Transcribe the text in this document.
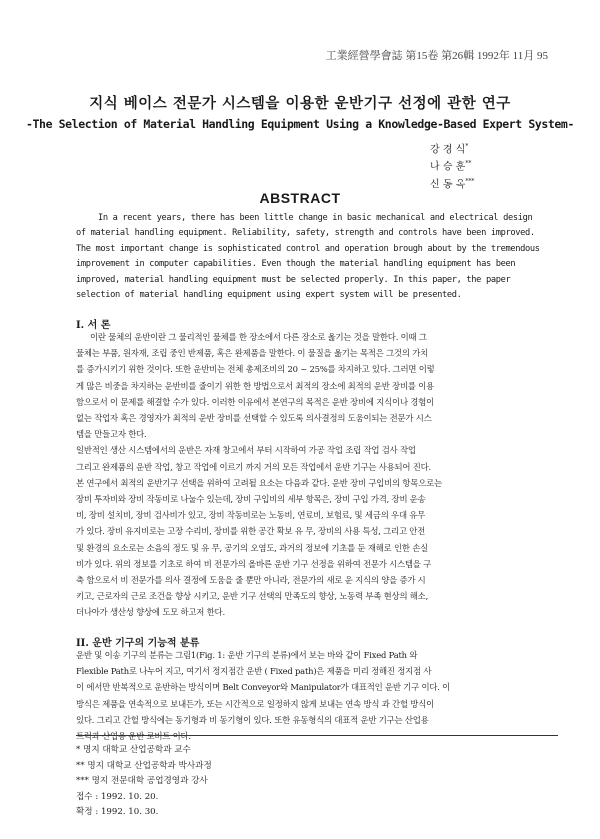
工業經營學會誌 第15卷 第26輯 1992年 11月 95
지식 베이스 전문가 시스템을 이용한 운반기구 선정에 관한 연구
-The Selection of Material Handling Equipment Using a Knowledge-Based Expert System-
강 경 식*
나 승 훈**
신 동 옥***
ABSTRACT
In a recent years, there has been little change in basic mechanical and electrical design
of material handling equipment. Reliability, safety, strength and controls have been improved.
The most important change is sophisticated control and operation brough about by the tremendous
improvement in computer capabilities. Even though the material handling equipment has been
improved, material handling equipment must be selected properly. In this paper, the paper
selection of material handling equipment using expert system will be presented.
I. 서 론
이란 물체의 운반이란 그 물리적인 물체를 한 장소에서 다른 장소로 옮기는 것을 말한다. 이때 그
물체는 부품, 원자재, 조립 중인 반제품, 혹은 완제품을 말한다. 이 물질을 옮기는 목적은 그것의 가치
를 증가시키기 위한 것이다. 또한 운반비는 전체 총제조비의 20 ~ 25%를 차지하고 있다. 그러면 이렇
게 많은 비중을 차지하는 운반비를 줄이기 위한 한 방법으로서 최적의 장소에 최적의 운반 장비를 이용
함으로서 이 문제를 해결할 수가 있다. 이러한 이유에서 본연구의 목적은 운반 장비에 지식이나 경험이
없는 작업자 혹은 경영자가 최적의 운반 장비를 선택할 수 있도록 의사결정의 도움이되는 전문가 시스
템을 만들고자 한다.
일반적인 생산 시스템에서의 운반은 자재 창고에서 부터 시작하여 가공 작업 조립 작업 검사 작업
그리고 완제품의 운반 작업, 창고 작업에 이르기 까지 거의 모든 작업에서 운반 기구는 사용되어 진다.
본 연구에서 최적의 운반기구 선택을 위하여 고려될 요소는 다음과 같다. 운반 장비 구입비의 항목으로는
장비 투자비와 장비 작동비로 나눌수 있는데, 장비 구입비의 세부 항목은, 장비 구입 가격, 장비 운송
비, 장비 설치비, 장비 검사비가 있고, 장비 작동비로는 노동비, 연료비, 보험료, 및 세금의 우대 유무
가 있다. 장비 유지비로는 고장 수리비, 장비를 위한 공간 확보 유 무, 장비의 사용 특성, 그리고 안전
및 환경의 요소로는 소음의 정도 및 유 무, 공기의 오염도, 과거의 정보에 기초를 둔 재해로 인한 손실
비가 있다. 위의 정보를 기초로 하여 비 전문가의 올바른 운반 기구 선정을 위하여 전문가 시스템을 구
축 함으로서 비 전문가를 의사 결정에 도움을 줄 뿐만 아니라, 전문가의 새로 운 지식의 양을 증가 시
키고, 근로자의 근로 조건을 향상 시키고, 운반 기구 선택의 만족도의 향상, 노동력 부족 현상의 해소,
더나아가 생산성 향상에 도모 하고저 한다.
II. 운반 기구의 기능적 분류
운반 및 이송 기구의 분류는 그림1(Fig. 1: 운반 기구의 분류)에서 보는 바와 같이 Fixed Path 와
Flexible Path로 나누어 지고, 여기서 정지점간 운반 ( Fixed path)은 제품을 미리 정해진 정지점 사
이 에서만 반복적으로 운반하는 방식이며 Belt Conveyor와 Manipulator가 대표적인 운반 기구 이다. 이
방식은 제품을 연속적으로 보내든가, 또는 시간적으로 일정하지 않게 보내는 연속 방식 과 간헐 방식이
있다. 그리고 간헐 방식에는 동기형과 비 동기형이 있다. 또한 유동형식의 대표적 운반 기구는 산업용
트럭과 산업용 운반 로버트 이다.
* 명지 대학교 산업공학과 교수
** 명지 대학교 산업공학과 박사과정
*** 명지 전문대학 공업경영과 강사
접수 : 1992. 10. 20.
확정 : 1992. 10. 30.
